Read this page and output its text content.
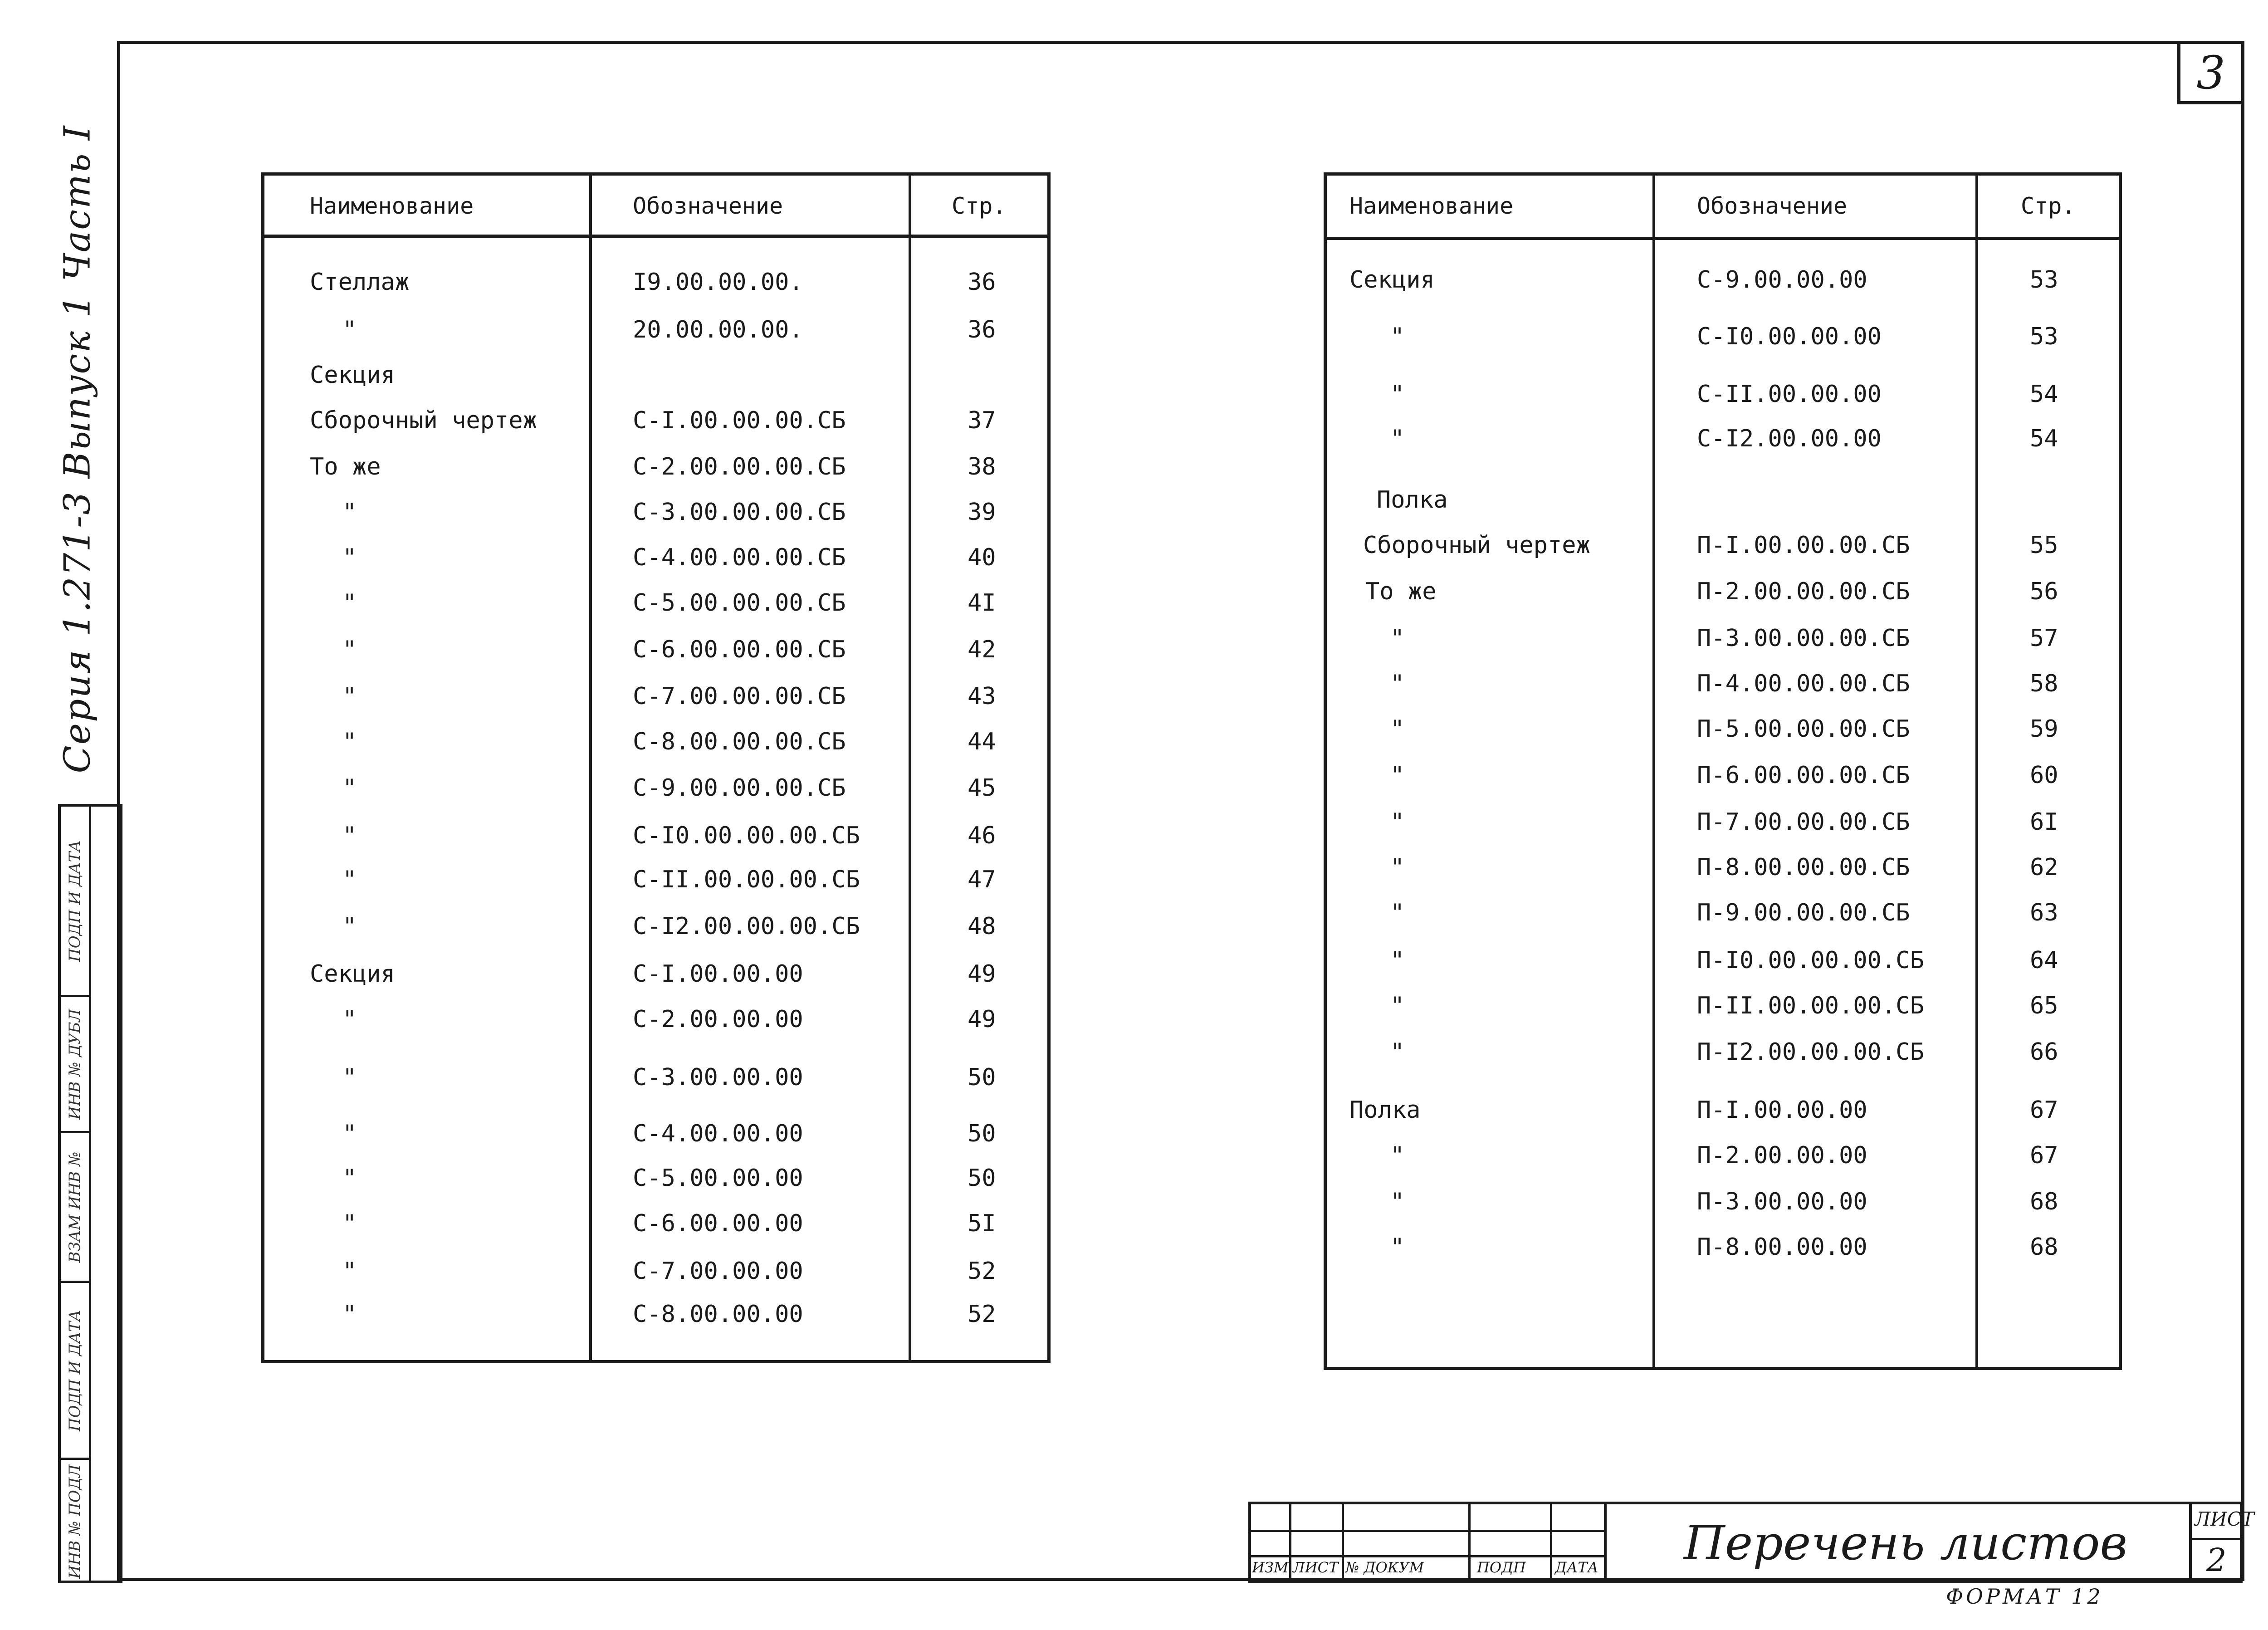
3
Серия 1.271-3 Выпуск 1 Часть I
ПОДП И ДАТА
ИНВ № ДУБЛ
ВЗАМ ИНВ №
ПОДП И ДАТА
ИНВ № ПОДЛ
Наименование	Обозначение	Стр.
Стеллаж	I9.00.00.00.	36
"	20.00.00.00.	36
Секция
Сборочный чертеж	С-I.00.00.00.СБ	37
То же	С-2.00.00.00.СБ	38
"	С-3.00.00.00.СБ	39
"	С-4.00.00.00.СБ	40
"	С-5.00.00.00.СБ	4I
"	С-6.00.00.00.СБ	42
"	С-7.00.00.00.СБ	43
"	С-8.00.00.00.СБ	44
"	С-9.00.00.00.СБ	45
"	С-I0.00.00.00.СБ	46
"	С-II.00.00.00.СБ	47
"	С-I2.00.00.00.СБ	48
Секция	С-I.00.00.00	49
"	С-2.00.00.00	49
"	С-3.00.00.00	50
"	С-4.00.00.00	50
"	С-5.00.00.00	50
"	С-6.00.00.00	5I
"	С-7.00.00.00	52
"	С-8.00.00.00	52
Наименование	Обозначение	Стр.
Секция	С-9.00.00.00	53
"	С-I0.00.00.00	53
"	С-II.00.00.00	54
"	С-I2.00.00.00	54
Полка
Сборочный чертеж	П-I.00.00.00.СБ	55
То же	П-2.00.00.00.СБ	56
"	П-3.00.00.00.СБ	57
"	П-4.00.00.00.СБ	58
"	П-5.00.00.00.СБ	59
"	П-6.00.00.00.СБ	60
"	П-7.00.00.00.СБ	6I
"	П-8.00.00.00.СБ	62
"	П-9.00.00.00.СБ	63
"	П-I0.00.00.00.СБ	64
"	П-II.00.00.00.СБ	65
"	П-I2.00.00.00.СБ	66
Полка	П-I.00.00.00	67
"	П-2.00.00.00	67
"	П-3.00.00.00	68
"	П-8.00.00.00	68
ИЗМ ЛИСТ № ДОКУМ	ПОДП ДАТА Перечень листов	ЛИСТ
2
ФОРМАТ 12
